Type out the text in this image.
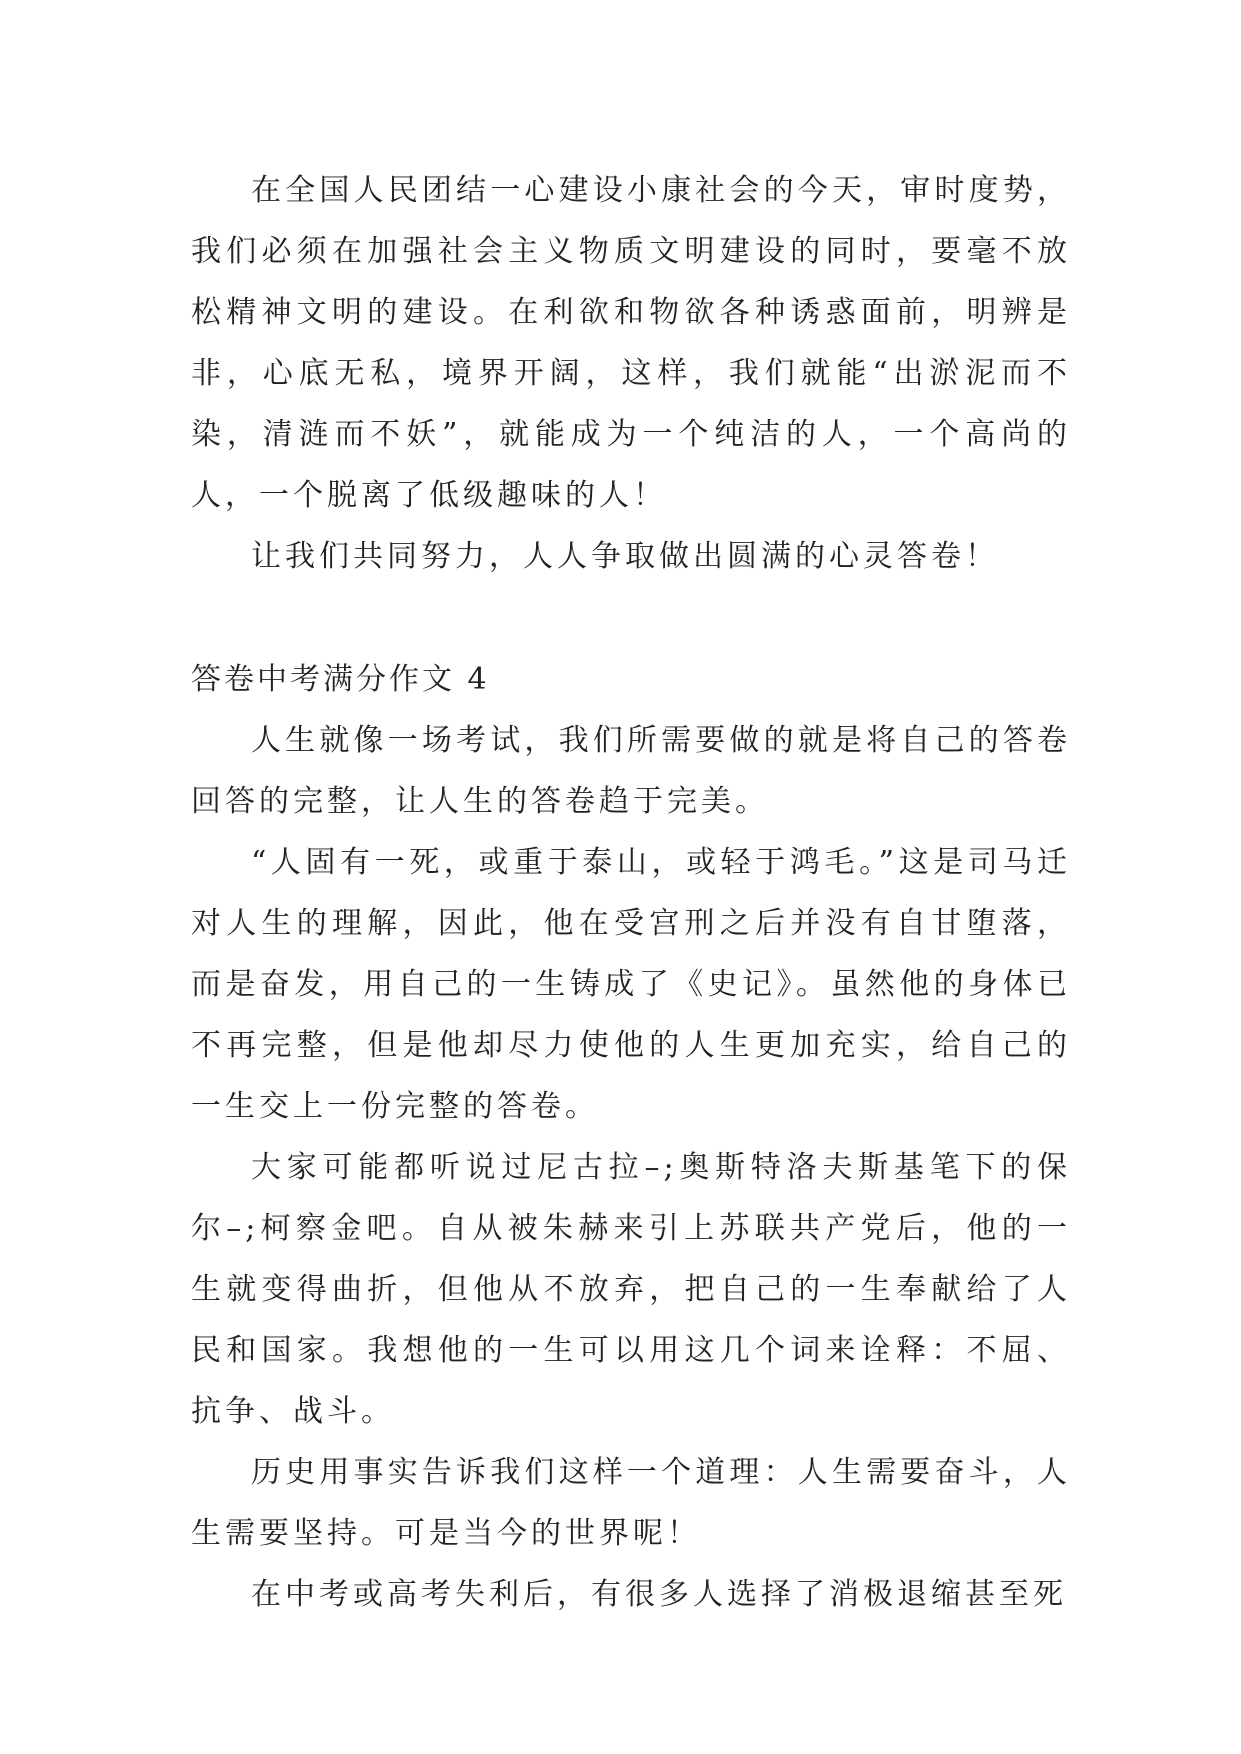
在全国人民团结一心建设小康社会的今天，审时度势，我们必须在加强社会主义物质文明建设的同时，要毫不放松精神文明的建设。在利欲和物欲各种诱惑面前，明辨是非，心底无私，境界开阔，这样，我们就能“出淤泥而不染，清涟而不妖”，就能成为一个纯洁的人，一个高尚的人，一个脱离了低级趣味的人！

让我们共同努力，人人争取做出圆满的心灵答卷！

答卷中考满分作文 4

人生就像一场考试，我们所需要做的就是将自己的答卷回答的完整，让人生的答卷趋于完美。

“人固有一死，或重于泰山，或轻于鸿毛。”这是司马迁对人生的理解，因此，他在受宫刑之后并没有自甘堕落，而是奋发，用自己的一生铸成了《史记》。虽然他的身体已不再完整，但是他却尽力使他的人生更加充实，给自己的一生交上一份完整的答卷。

大家可能都听说过尼古拉–;奥斯特洛夫斯基笔下的保尔–;柯察金吧。自从被朱赫来引上苏联共产党后，他的一生就变得曲折，但他从不放弃，把自己的一生奉献给了人民和国家。我想他的一生可以用这几个词来诠释：不屈、抗争、战斗。

历史用事实告诉我们这样一个道理：人生需要奋斗，人生需要坚持。可是当今的世界呢！

在中考或高考失利后，有很多人选择了消极退缩甚至死
